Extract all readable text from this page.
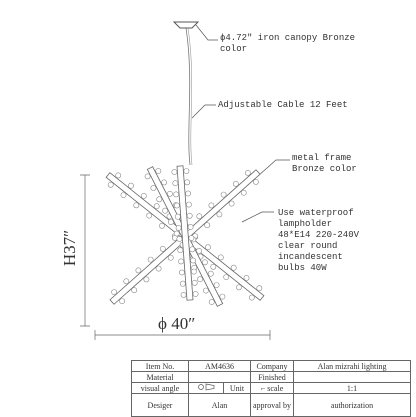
ϕ4.72″ iron canopy Bronze
color
Adjustable Cable 12 Feet
metal frame
Bronze color
Use waterproof
lampholder
48*E14 220-240V
clear round
incandescent
bulbs 40W
H37″
ϕ 40″
Item No.	AM4636		Company	Alan mizrahi lighting
Material			Finished	
visual angle		Unit	⌐ scale	1:1
Desiger	Alan		approval by	authorization
